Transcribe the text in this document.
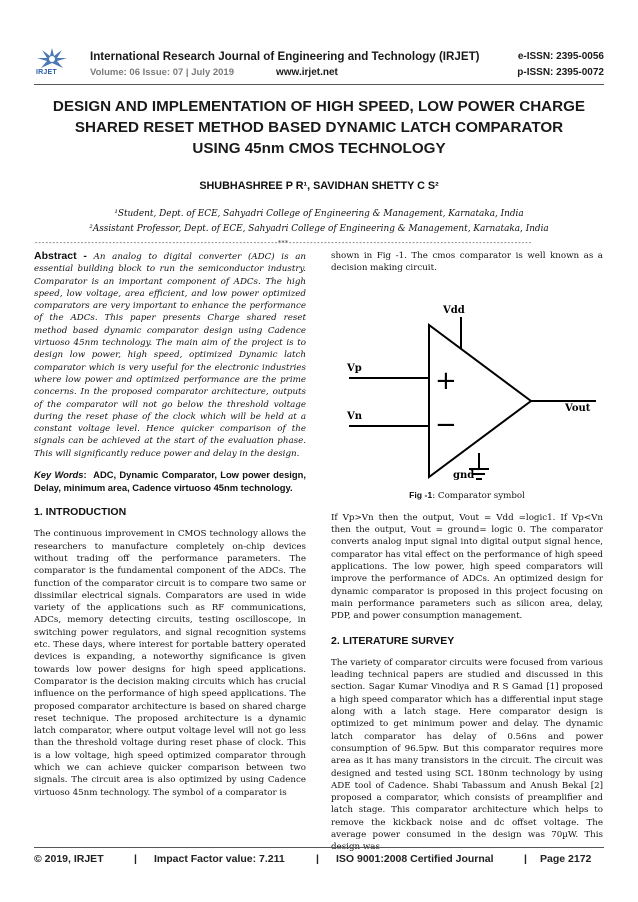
IRJET
International Research Journal of Engineering and Technology (IRJET)	e-ISSN: 2395-0056
Volume: 06 Issue: 07 | July 2019	www.irjet.net	p-ISSN: 2395-0072
DESIGN AND IMPLEMENTATION OF HIGH SPEED, LOW POWER CHARGE
SHARED RESET METHOD BASED DYNAMIC LATCH COMPARATOR
USING 45nm CMOS TECHNOLOGY
SHUBHASHREE P R¹, SAVIDHAN SHETTY C S²
¹Student, Dept. of ECE, Sahyadri College of Engineering & Management, Karnataka, India
²Assistant Professor, Dept. of ECE, Sahyadri College of Engineering & Management, Karnataka, India
---------------------------------------------------------------------***---------------------------------------------------------------------

Abstract - An analog to digital converter (ADC) is an essential building block to run the semiconductor industry. Comparator is an important component of ADCs. The high speed, low voltage, area efficient, and low power optimized comparators are very important to enhance the performance of the ADCs. This paper presents Charge shared reset method based dynamic comparator design using Cadence virtuoso 45nm technology. The main aim of the project is to design low power, high speed, optimized Dynamic latch comparator which is very useful for the electronic industries where low power and optimized performance are the prime concerns. In the proposed comparator architecture, outputs of the comparator will not go below the threshold voltage during the reset phase of the clock which will be held at a constant voltage level. Hence quicker comparison of the signals can be achieved at the start of the evaluation phase. This will significantly reduce power and delay in the design.

Key Words:  ADC, Dynamic Comparator, Low power design, Delay, minimum area, Cadence virtuoso 45nm technology.

1. INTRODUCTION

The continuous improvement in CMOS technology allows the researchers to manufacture completely on-chip devices without trading off the performance parameters. The comparator is the fundamental component of the ADCs. The function of the comparator circuit is to compare two same or dissimilar electrical signals. Comparators are used in wide variety of the applications such as RF communications, ADCs, memory detecting circuits, testing oscilloscope, in switching power regulators, and signal recognition systems etc. These days, where interest for portable battery operated devices is expanding, a noteworthy significance is given towards low power designs for high speed applications. Comparator is the decision making circuits which has crucial influence on the performance of high speed applications. The proposed comparator architecture is based on shared charge reset technique. The proposed architecture is a dynamic latch comparator, where output voltage level will not go less than the threshold voltage during reset phase of clock. This is a low voltage, high speed optimized comparator through which we can achieve quicker comparison between two signals. The circuit area is also optimized by using Cadence virtuoso 45nm technology. The symbol of a comparator is

shown in Fig -1. The cmos comparator is well known as a decision making circuit.

Vdd
Vp
Vn
+
−
Vout
gnd
Fig -1: Comparator symbol

If Vp>Vn then the output, Vout = Vdd =logic1. If Vp<Vn then the output, Vout = ground= logic 0. The comparator converts analog input signal into digital output signal hence, comparator has vital effect on the performance of high speed applications. The low power, high speed comparators will improve the performance of ADCs. An optimized design for dynamic comparator is proposed in this project focusing on main performance parameters such as silicon area, delay, PDP, and power consumption management.

2. LITERATURE SURVEY

The variety of comparator circuits were focused from various leading technical papers are studied and discussed in this section. Sagar Kumar Vinodiya and R S Gamad [1] proposed a high speed comparator which has a differential input stage along with a latch stage. Here comparator design is optimized to get minimum power and delay. The dynamic latch comparator has delay of 0.56ns and power consumption of 96.5pw. But this comparator requires more area as it has many transistors in the circuit. The circuit was designed and tested using SCL 180nm technology by using ADE tool of Cadence. Shabi Tabassum and Anush Bekal [2] proposed a comparator, which consists of preamplifier and latch stage. This comparator architecture which helps to remove the kickback noise and dc offset voltage. The average power consumed in the design was 70µW. This

© 2019, IRJET	| Impact Factor value: 7.211	| ISO 9001:2008 Certified Journal	| Page 2172
